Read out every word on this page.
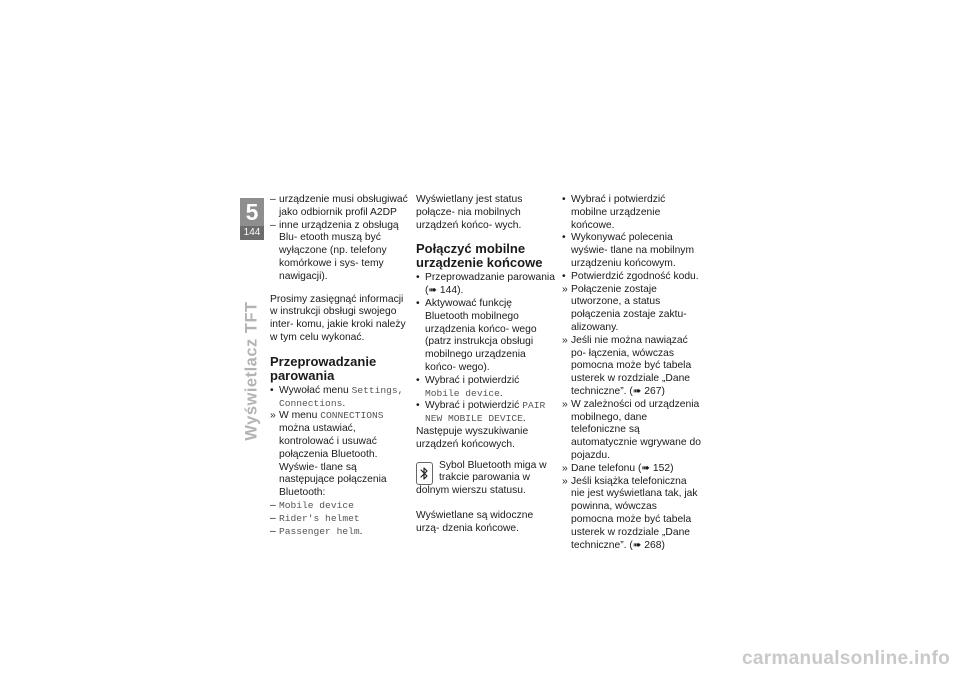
5
144
Wyświetlacz TFT
– urządzenie musi obsługiwać jako odbiornik profil A2DP
– inne urządzenia z obsługą Blu- etooth muszą być wyłączone (np. telefony komórkowe i sys- temy nawigacji).
Prosimy zasięgnąć informacji w instrukcji obsługi swojego inter- komu, jakie kroki należy w tym celu wykonać.
Przeprowadzanie parowania
• Wywołać menu Settings, Connections.
» W menu CONNECTIONS można ustawiać, kontrolować i usuwać połączenia Bluetooth. Wyświe- tlane są następujące połączenia Bluetooth:
– Mobile device
– Rider's helmet
– Passenger helm.
Wyświetlany jest status połącze- nia mobilnych urządzeń końco- wych.
Połączyć mobilne urządzenie końcowe
• Przeprowadzanie parowania (➠ 144).
• Aktywować funkcję Bluetooth mobilnego urządzenia końco- wego (patrz instrukcja obsługi mobilnego urządzenia końco- wego).
• Wybrać i potwierdzić Mobile device.
• Wybrać i potwierdzić PAIR NEW MOBILE DEVICE.
Następuje wyszukiwanie urządzeń końcowych.
Sybol Bluetooth miga w trakcie parowania w dolnym wierszu statusu.
Wyświetlane są widoczne urzą- dzenia końcowe.
• Wybrać i potwierdzić mobilne urządzenie końcowe.
• Wykonywać polecenia wyświe- tlane na mobilnym urządzeniu końcowym.
• Potwierdzić zgodność kodu.
» Połączenie zostaje utworzone, a status połączenia zostaje zaktu- alizowany.
» Jeśli nie można nawiązać po- łączenia, wówczas pomocna może być tabela usterek w rozdziale „Dane techniczne”. (➠ 267)
» W zależności od urządzenia mobilnego, dane telefoniczne są automatycznie wgrywane do pojazdu.
» Dane telefonu (➠ 152)
» Jeśli książka telefoniczna nie jest wyświetlana tak, jak powinna, wówczas pomocna może być tabela usterek w rozdziale „Dane techniczne”. (➠ 268)
carmanualsonline.info
